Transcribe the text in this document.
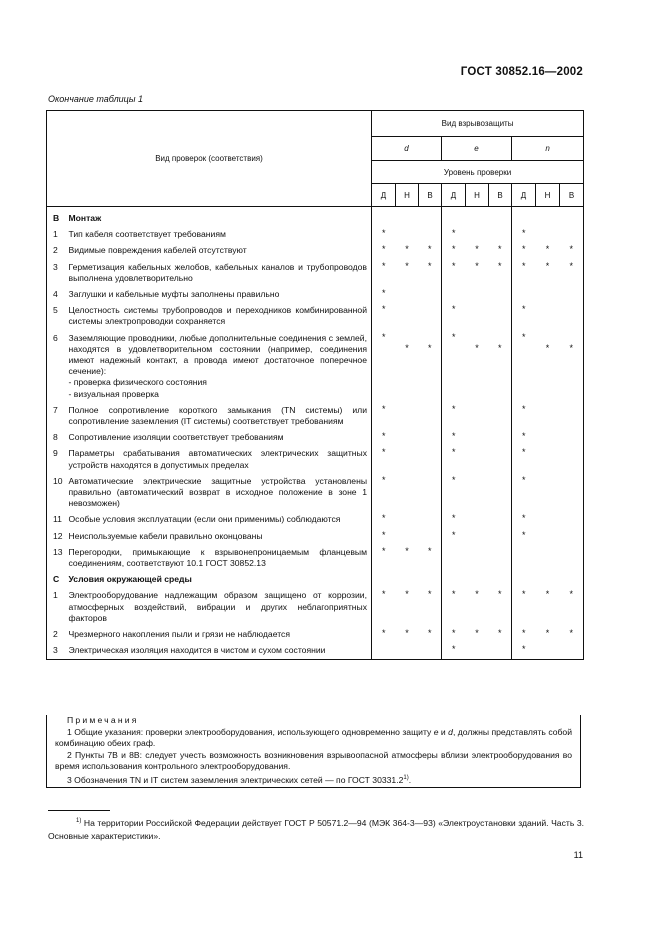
ГОСТ 30852.16—2002
Окончание таблицы 1
Вид проверок (соответствия)		Вид взрывозащиты								
		d			e			n		
		Уровень проверки								
		Д	Н	В	Д	Н	В	Д	Н	В
В	Монтаж									
1	Тип кабеля соответствует требованиям	*			*			*		
2	Видимые повреждения кабелей отсутствуют	*	*	*	*	*	*	*	*	*
3	Герметизация кабельных желобов, кабельных каналов и трубопроводов выполнена удовлетворительно	*	*	*	*	*	*	*	*	*
4	Заглушки и кабельные муфты заполнены правильно	*								
5	Целостность системы трубопроводов и переходников комбинированной системы электропроводки сохраняется	*			*			*		
6	Заземляющие проводники, любые дополнительные соединения с землей, находятся в удовлетворительном состоянии (например, соединения имеют надежный контакт, а провода имеют достаточное поперечное сечение):
- проверка физического состояния
- визуальная проверка	*	*	*	*	*	*	*	*	*

7	Полное сопротивление короткого замыкания (TN системы) или сопротивление заземления (IT системы) соответствует требованиям	*			*			*		
8	Сопротивление изоляции соответствует требованиям	*			*			*		
9	Параметры срабатывания автоматических электрических защитных устройств находятся в допустимых пределах	*			*			*		
10	Автоматические электрические защитные устройства установлены правильно (автоматический возврат в исходное положение в зоне 1 невозможен)	*			*			*		
11	Особые условия эксплуатации (если они применимы) соблюдаются	*			*			*		
12	Неиспользуемые кабели правильно оконцованы	*			*			*		
13	Перегородки, примыкающие к взрывонепроницаемым фланцевым соединениям, соответствуют 10.1 ГОСТ 30852.13	*	*	*						
С	Условия окружающей среды									
1	Электрооборудование надлежащим образом защищено от коррозии, атмосферных воздействий, вибрации и других неблагоприятных факторов	*	*	*	*	*	*	*	*	*
2	Чрезмерного накопления пыли и грязи не наблюдается	*	*	*	*	*	*	*	*	*
3	Электрическая изоляция находится в чистом и сухом состоянии				*			*		
Примечания
1 Общие указания: проверки электрооборудования, использующего одновременно защиту e и d, должны представлять собой комбинацию обеих граф.
2 Пункты 7В и 8В: следует учесть возможность возникновения взрывоопасной атмосферы вблизи электрооборудования во время использования контрольного электрооборудования.
3 Обозначения TN и IT систем заземления электрических сетей — по ГОСТ 30331.2$^{1)}$.
$^{1)}$ На территории Российской Федерации действует ГОСТ Р 50571.2—94 (МЭК 364-3—93) «Электроустановки зданий. Часть 3. Основные характеристики».
11
